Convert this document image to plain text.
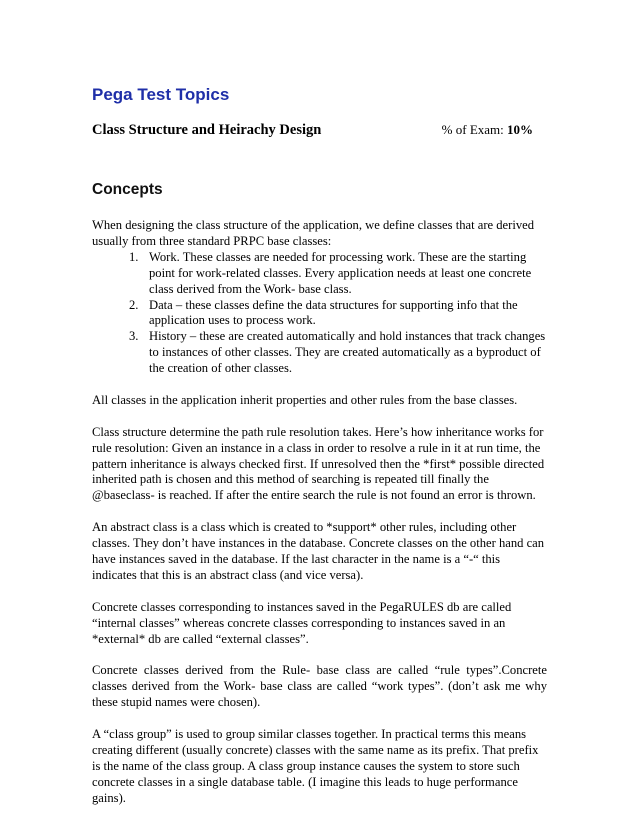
Pega Test Topics
Class Structure and Heirachy Design	% of Exam: 10%
Concepts

When designing the class structure of the application, we define classes that are derived usually from three standard PRPC base classes:

1. Work. These classes are needed for processing work. These are the starting point for work-related classes. Every application needs at least one concrete class derived from the Work- base class.
2. Data – these classes define the data structures for supporting info that the application uses to process work.
3. History – these are created automatically and hold instances that track changes to instances of other classes. They are created automatically as a byproduct of the creation of other classes.

All classes in the application inherit properties and other rules from the base classes.

Class structure determine the path rule resolution takes. Here’s how inheritance works for rule resolution: Given an instance in a class in order to resolve a rule in it at run time, the pattern inheritance is always checked first. If unresolved then the *first* possible directed inherited path is chosen and this method of searching is repeated till finally the @baseclass- is reached. If after the entire search the rule is not found an error is thrown.

An abstract class is a class which is created to *support* other rules, including other classes. They don’t have instances in the database. Concrete classes on the other hand can have instances saved in the database. If the last character in the name is a “-“ this indicates that this is an abstract class (and vice versa).

Concrete classes corresponding to instances saved in the PegaRULES db are called “internal classes” whereas concrete classes corresponding to instances saved in an *external* db are called “external classes”.

Concrete classes derived from the Rule- base class are called “rule types”.Concrete classes derived from the Work- base class are called “work types”. (don’t ask me why these stupid names were chosen).

A “class group” is used to group similar classes together. In practical terms this means creating different (usually concrete) classes with the same name as its prefix. That prefix is the name of the class group. A class group instance causes the system to store such concrete classes in a single database table. (I imagine this leads to huge performance gains).
